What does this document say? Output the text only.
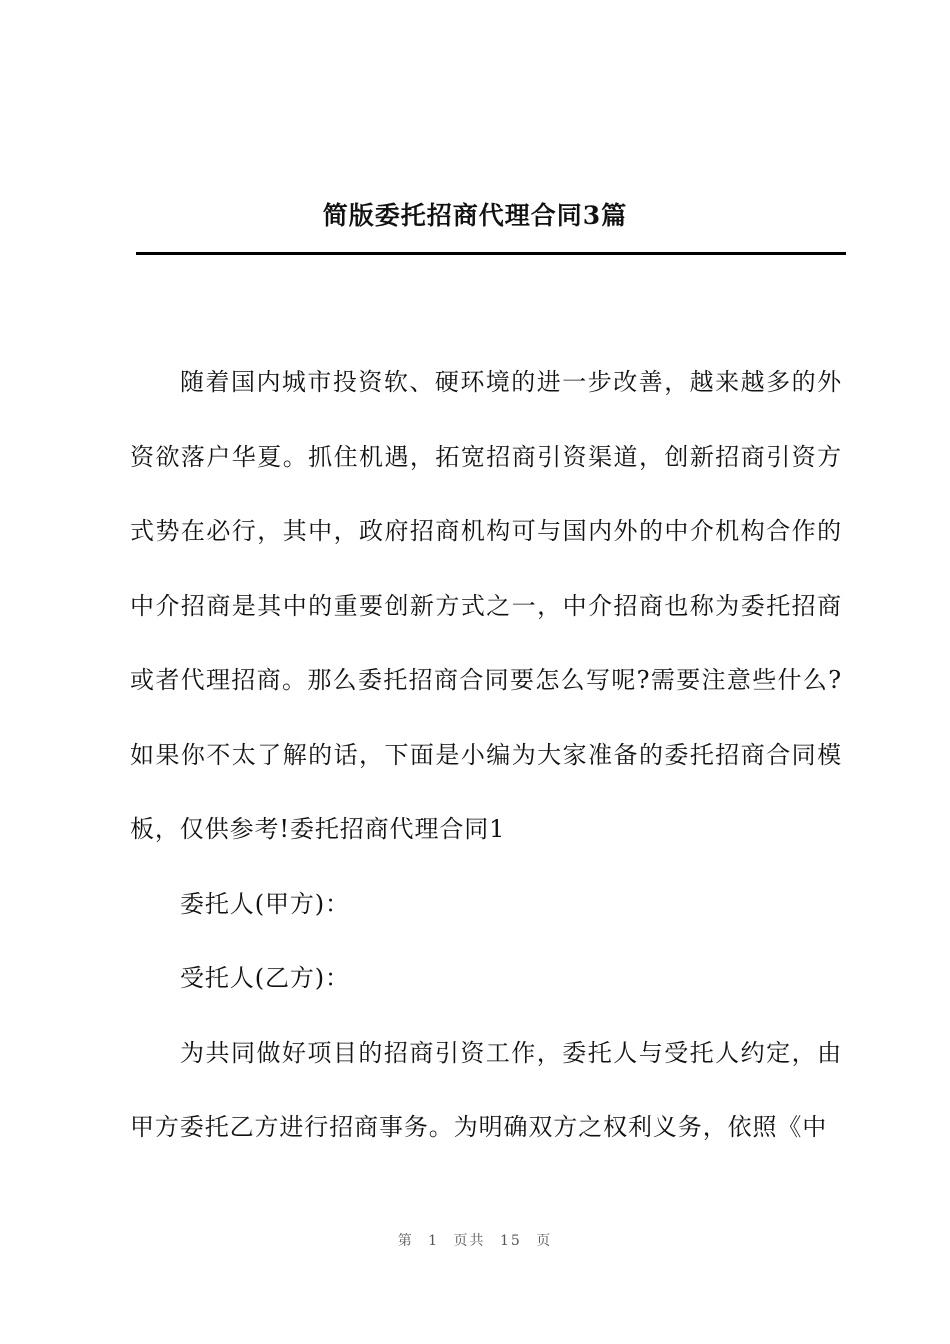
简版委托招商代理合同3篇

随着国内城市投资软、硬环境的进一步改善，越来越多的外资欲落户华夏。抓住机遇，拓宽招商引资渠道，创新招商引资方式势在必行，其中，政府招商机构可与国内外的中介机构合作的中介招商是其中的重要创新方式之一，中介招商也称为委托招商或者代理招商。那么委托招商合同要怎么写呢?需要注意些什么?如果你不太了解的话，下面是小编为大家准备的委托招商合同模板，仅供参考!委托招商代理合同1

委托人(甲方)：

受托人(乙方)：

为共同做好项目的招商引资工作，委托人与受托人约定，由甲方委托乙方进行招商事务。为明确双方之权利义务，依照《中

第 1 页共 15 页
